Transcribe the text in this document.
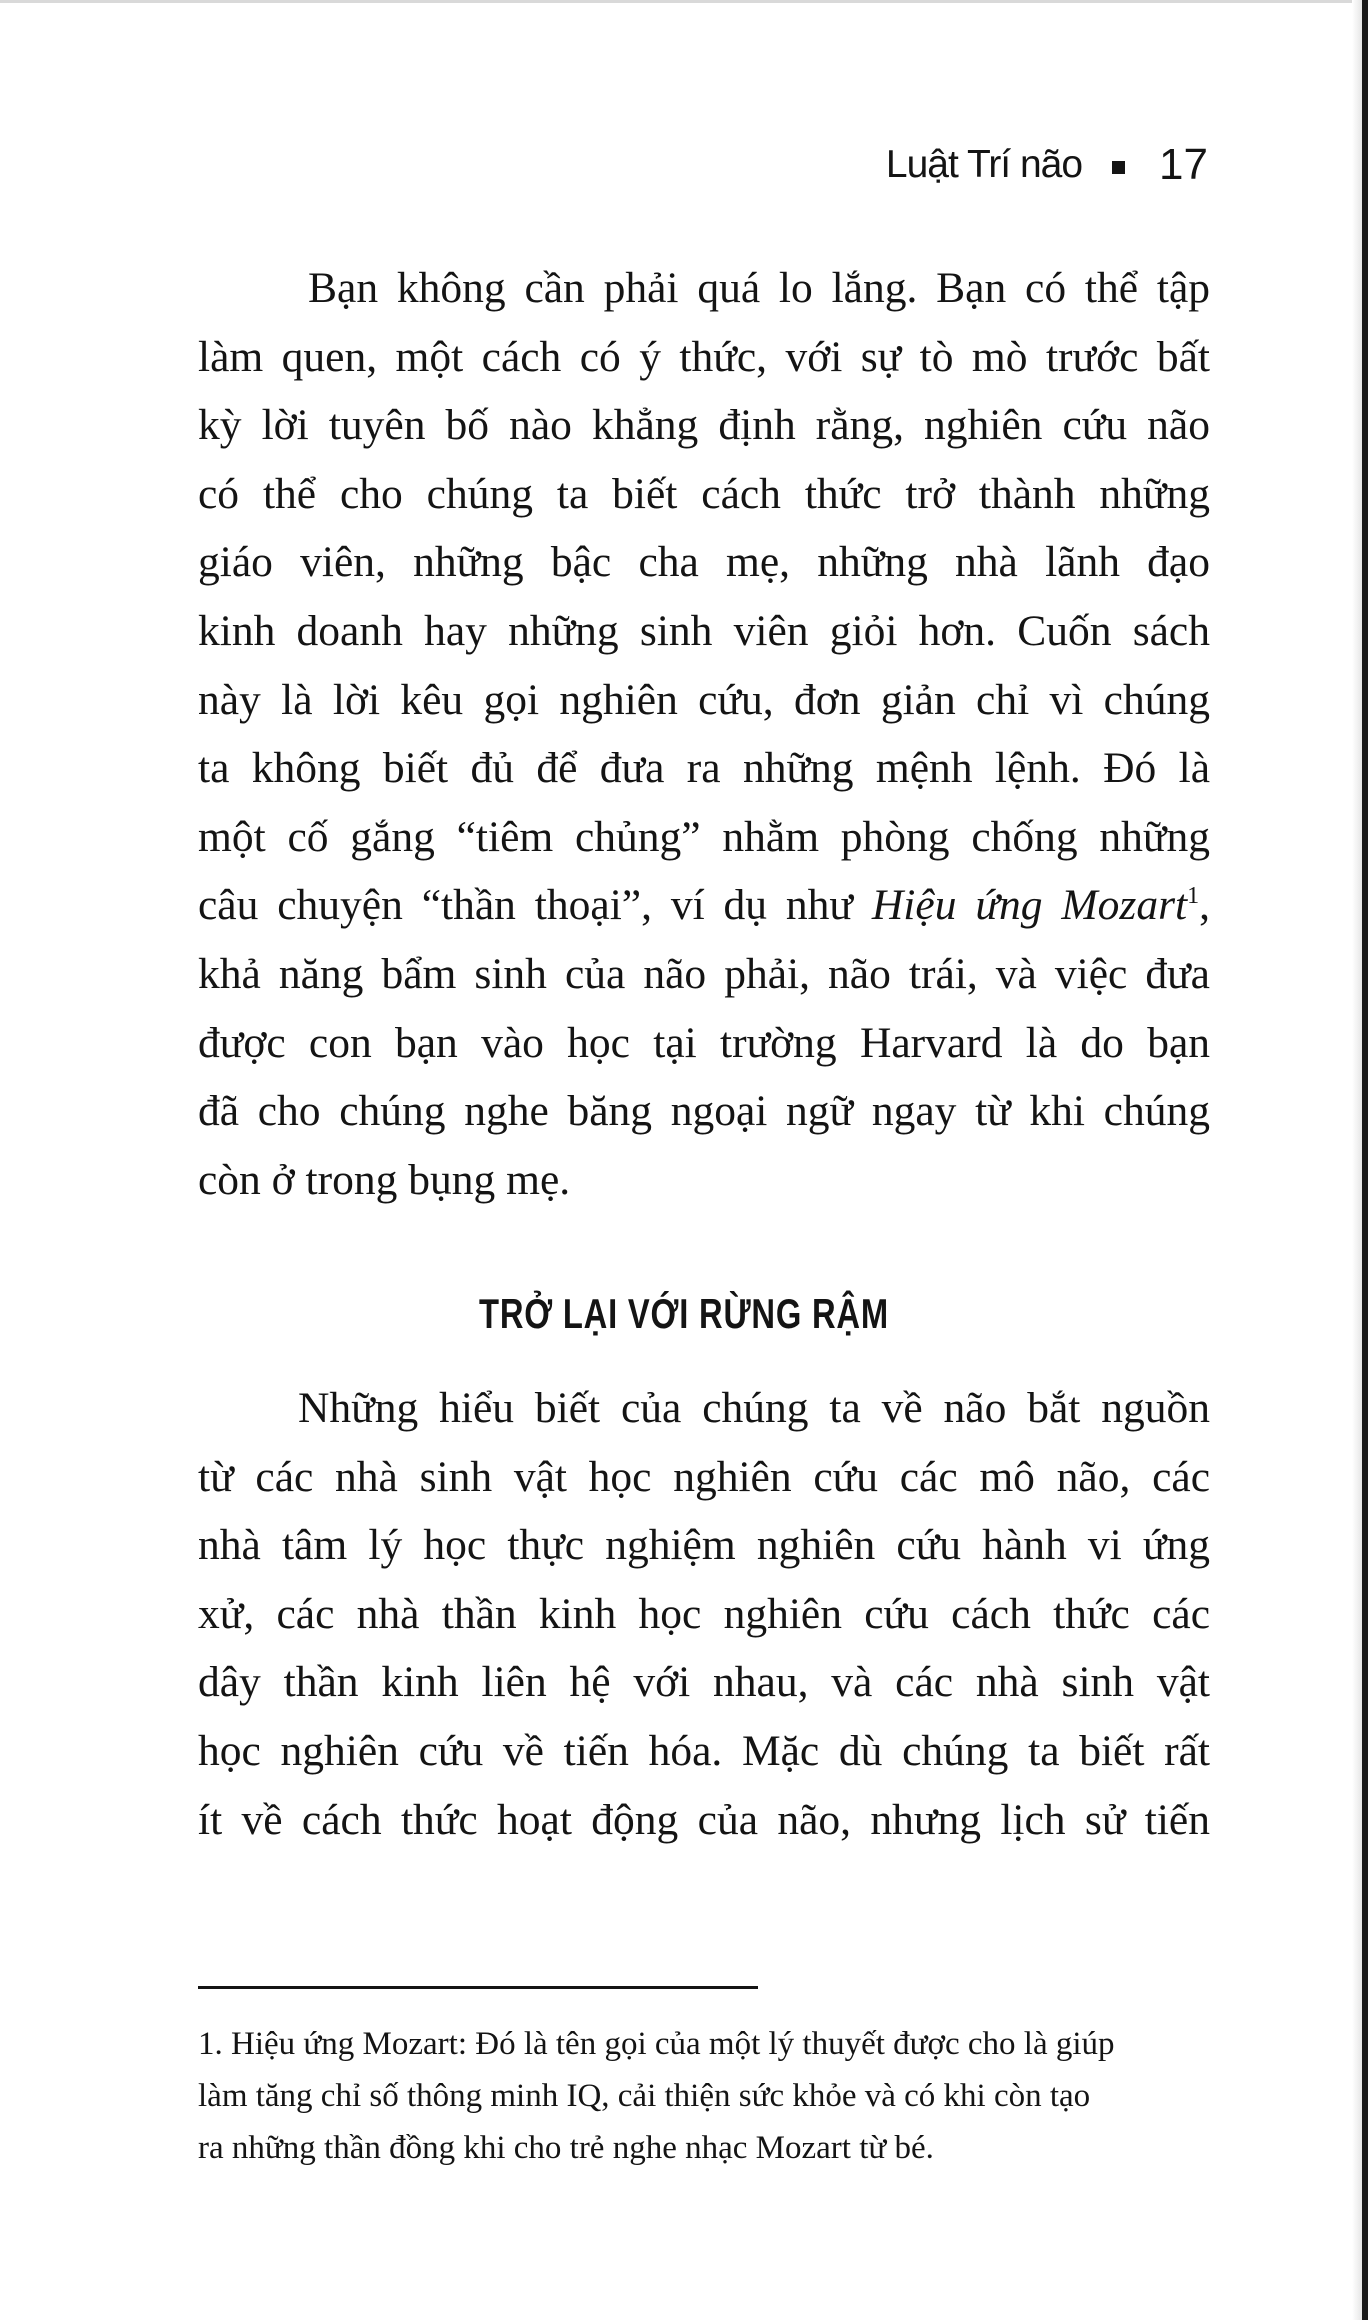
Luật Trí não 17
Bạn không cần phải quá lo lắng. Bạn có thể tập
làm quen, một cách có ý thức, với sự tò mò trước bất
kỳ lời tuyên bố nào khẳng định rằng, nghiên cứu não
có thể cho chúng ta biết cách thức trở thành những
giáo viên, những bậc cha mẹ, những nhà lãnh đạo
kinh doanh hay những sinh viên giỏi hơn. Cuốn sách
này là lời kêu gọi nghiên cứu, đơn giản chỉ vì chúng
ta không biết đủ để đưa ra những mệnh lệnh. Đó là
một cố gắng “tiêm chủng” nhằm phòng chống những
câu chuyện “thần thoại”, ví dụ như Hiệu ứng Mozart$^1$,
khả năng bẩm sinh của não phải, não trái, và việc đưa
được con bạn vào học tại trường Harvard là do bạn
đã cho chúng nghe băng ngoại ngữ ngay từ khi chúng
còn ở trong bụng mẹ.
TRỞ LẠI VỚI RỪNG RẬM
Những hiểu biết của chúng ta về não bắt nguồn
từ các nhà sinh vật học nghiên cứu các mô não, các
nhà tâm lý học thực nghiệm nghiên cứu hành vi ứng
xử, các nhà thần kinh học nghiên cứu cách thức các
dây thần kinh liên hệ với nhau, và các nhà sinh vật
học nghiên cứu về tiến hóa. Mặc dù chúng ta biết rất
ít về cách thức hoạt động của não, nhưng lịch sử tiến
1. Hiệu ứng Mozart: Đó là tên gọi của một lý thuyết được cho là giúp
làm tăng chỉ số thông minh IQ, cải thiện sức khỏe và có khi còn tạo
ra những thần đồng khi cho trẻ nghe nhạc Mozart từ bé.
